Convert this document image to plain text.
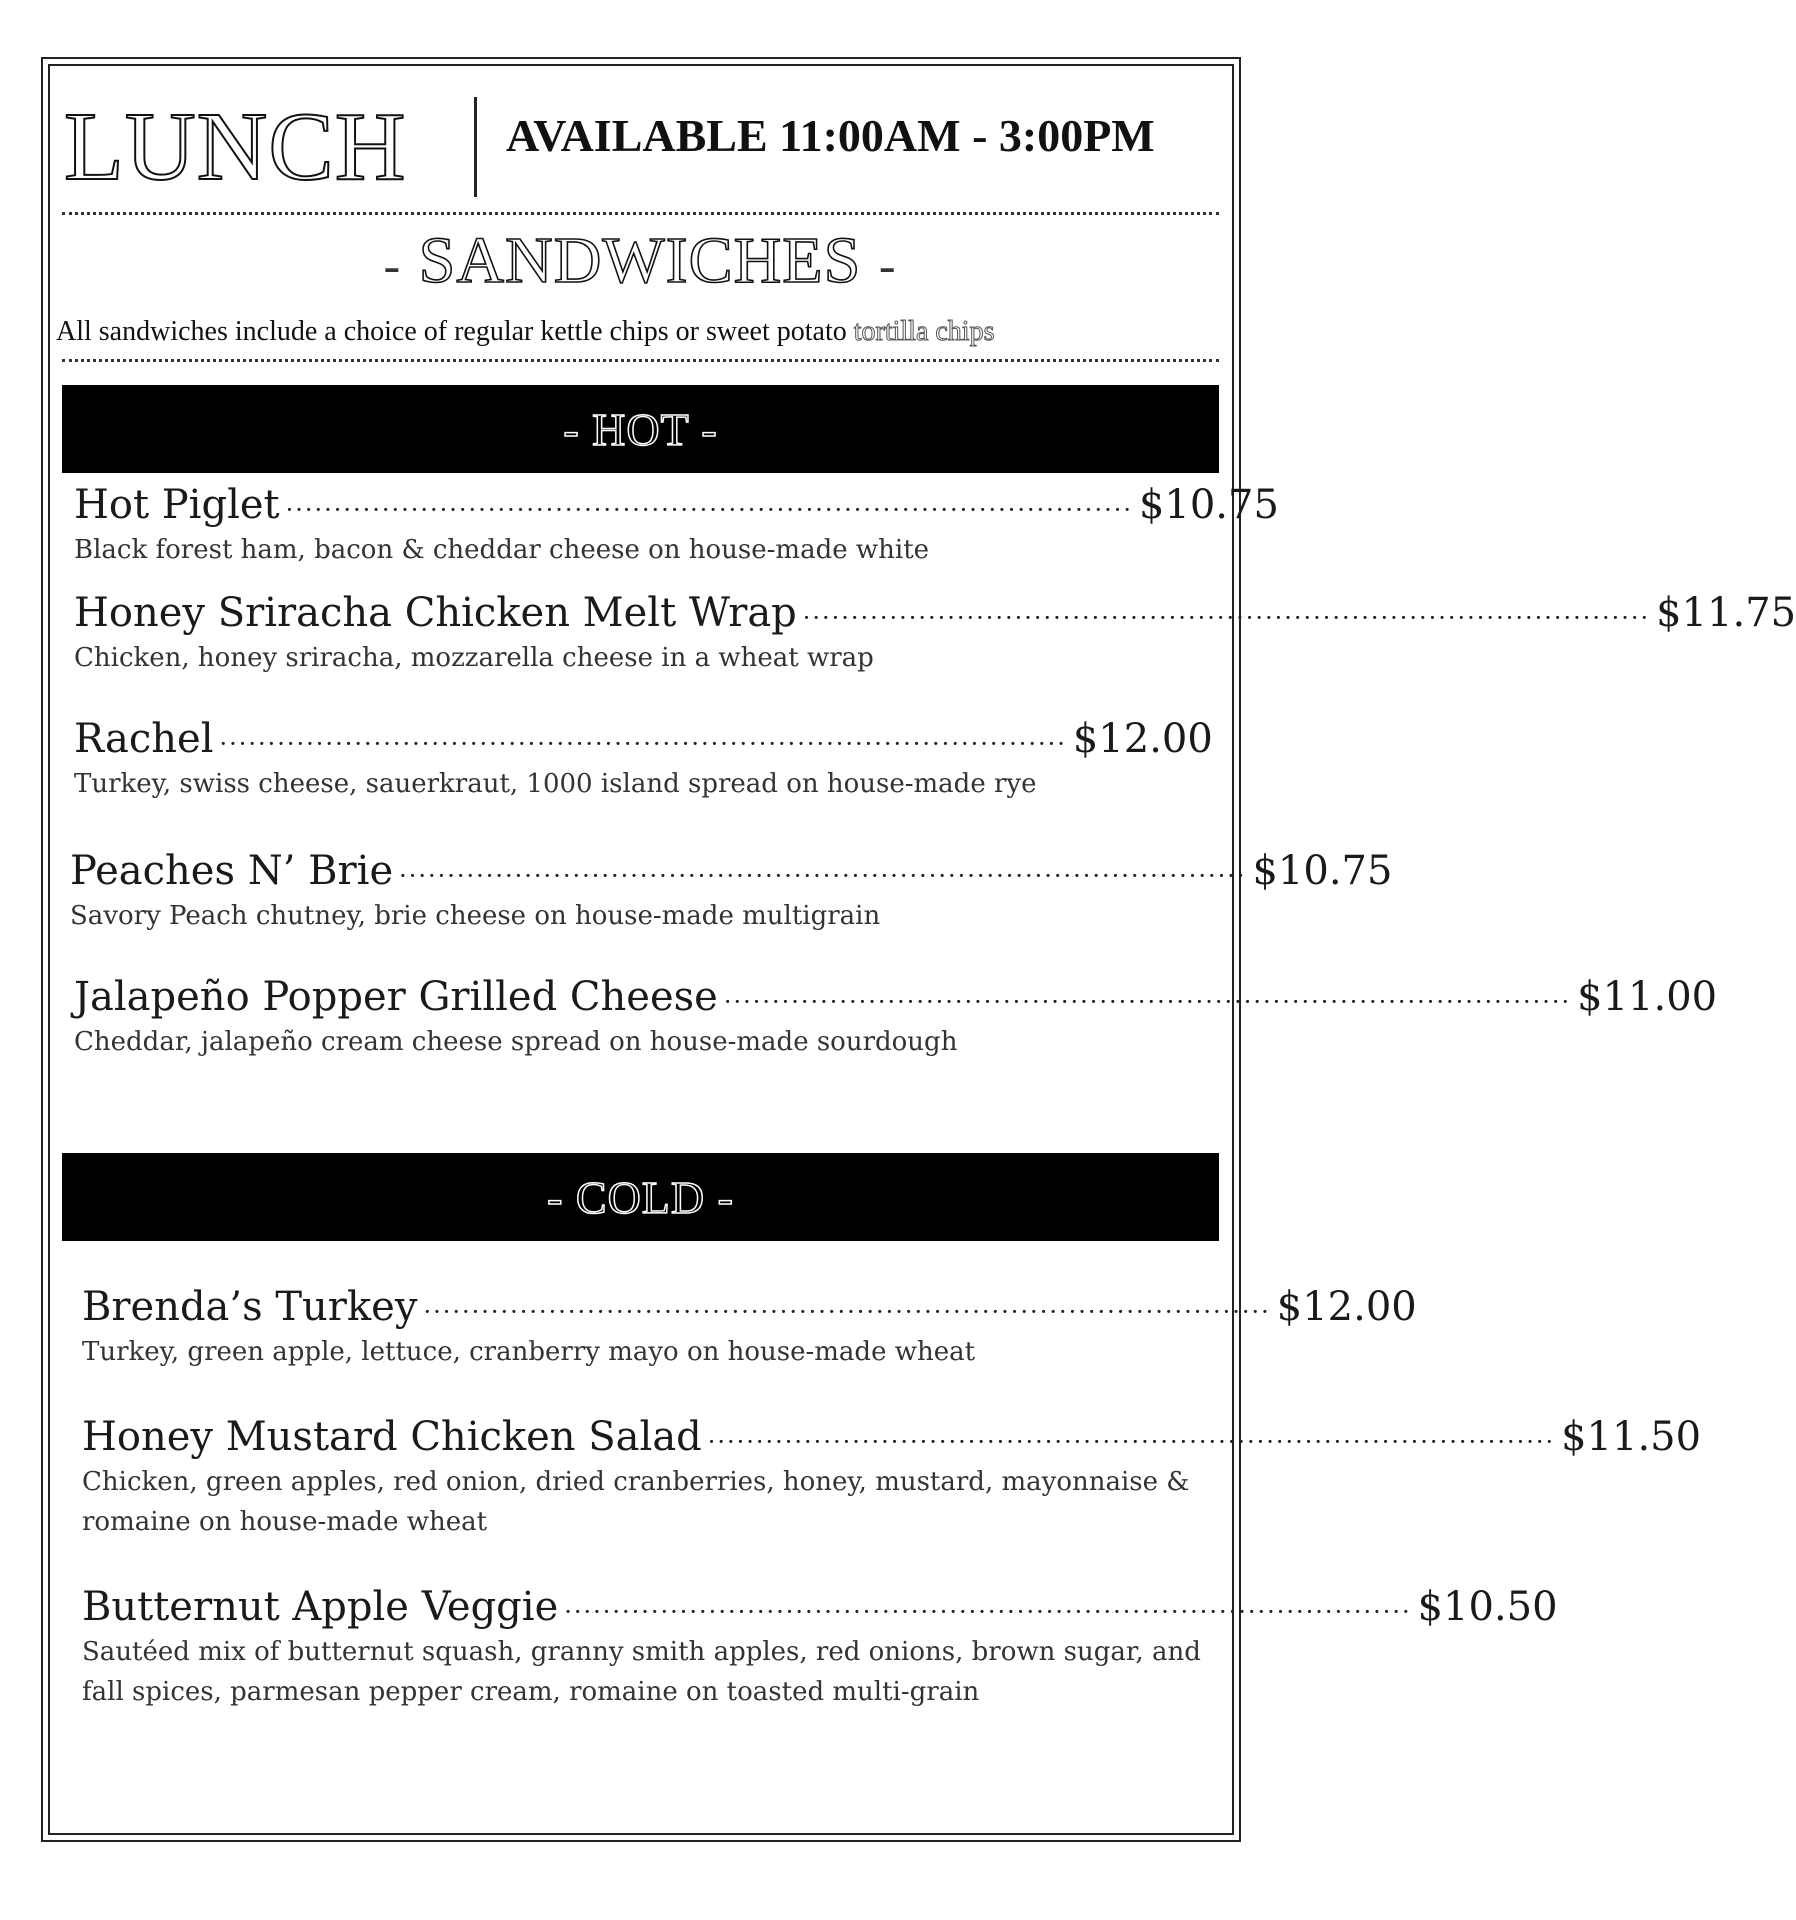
LUNCH AVAILABLE 11:00AM - 3:00PM
- SANDWICHES -
All sandwiches include a choice of regular kettle chips or sweet potato tortilla chips
- HOT -
Hot Piglet ························································································ $10.75
Black forest ham, bacon & cheddar cheese on house-made white
Honey Sriracha Chicken Melt Wrap ························································································ $11.75
Chicken, honey sriracha, mozzarella cheese in a wheat wrap
Rachel ························································································ $12.00
Turkey, swiss cheese, sauerkraut, 1000 island spread on house-made rye
Peaches N’ Brie ························································································ $10.75
Savory Peach chutney, brie cheese on house-made multigrain
Jalapeño Popper Grilled Cheese ························································································ $11.00
Cheddar, jalapeño cream cheese spread on house-made sourdough
- COLD -
Brenda’s Turkey ························································································ $12.00
Turkey, green apple, lettuce, cranberry mayo on house-made wheat
Honey Mustard Chicken Salad ························································································ $11.50
Chicken, green apples, red onion, dried cranberries, honey, mustard, mayonnaise & romaine on house-made wheat
Butternut Apple Veggie ························································································ $10.50
Sautéed mix of butternut squash, granny smith apples, red onions, brown sugar, and fall spices, parmesan pepper cream, romaine on toasted multi-grain
